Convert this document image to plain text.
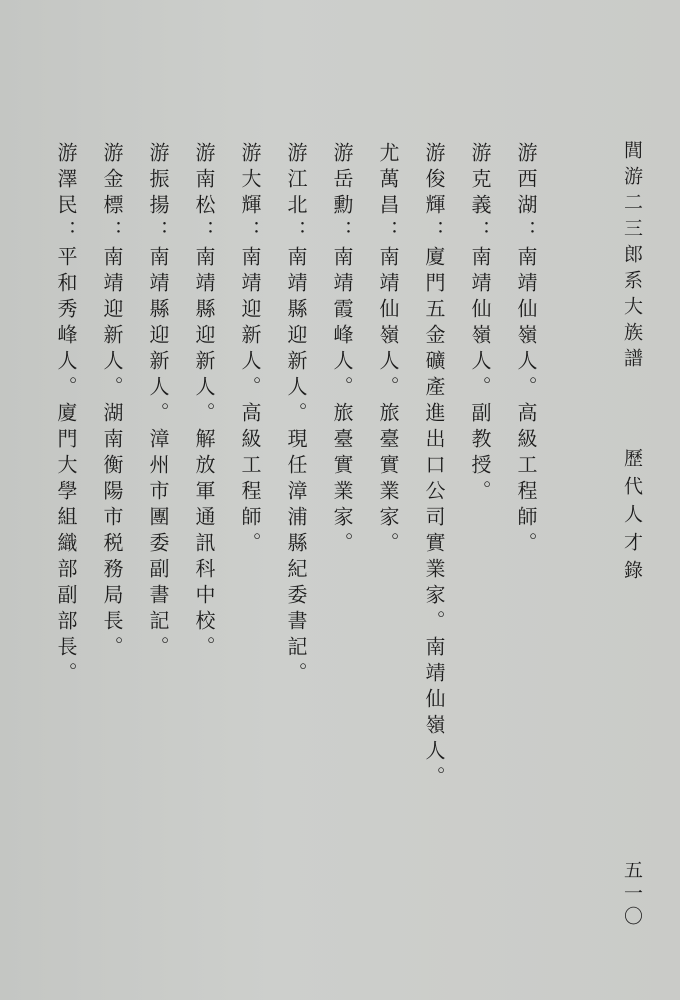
閭游二三郎系大族譜
歷代人才錄
五一〇
游西湖：南靖仙嶺人。高級工程師。
游克義：南靖仙嶺人。副教授。
游俊輝：廈門五金礦產進出口公司實業家。南靖仙嶺人。
尤萬昌：南靖仙嶺人。旅臺實業家。
游岳勳：南靖霞峰人。旅臺實業家。
游江北：南靖縣迎新人。現任漳浦縣紀委書記。
游大輝：南靖迎新人。高級工程師。
游南松：南靖縣迎新人。解放軍通訊科中校。
游振揚：南靖縣迎新人。漳州市團委副書記。
游金標：南靖迎新人。湖南衡陽市税務局長。
游澤民：平和秀峰人。廈門大學組織部副部長。
